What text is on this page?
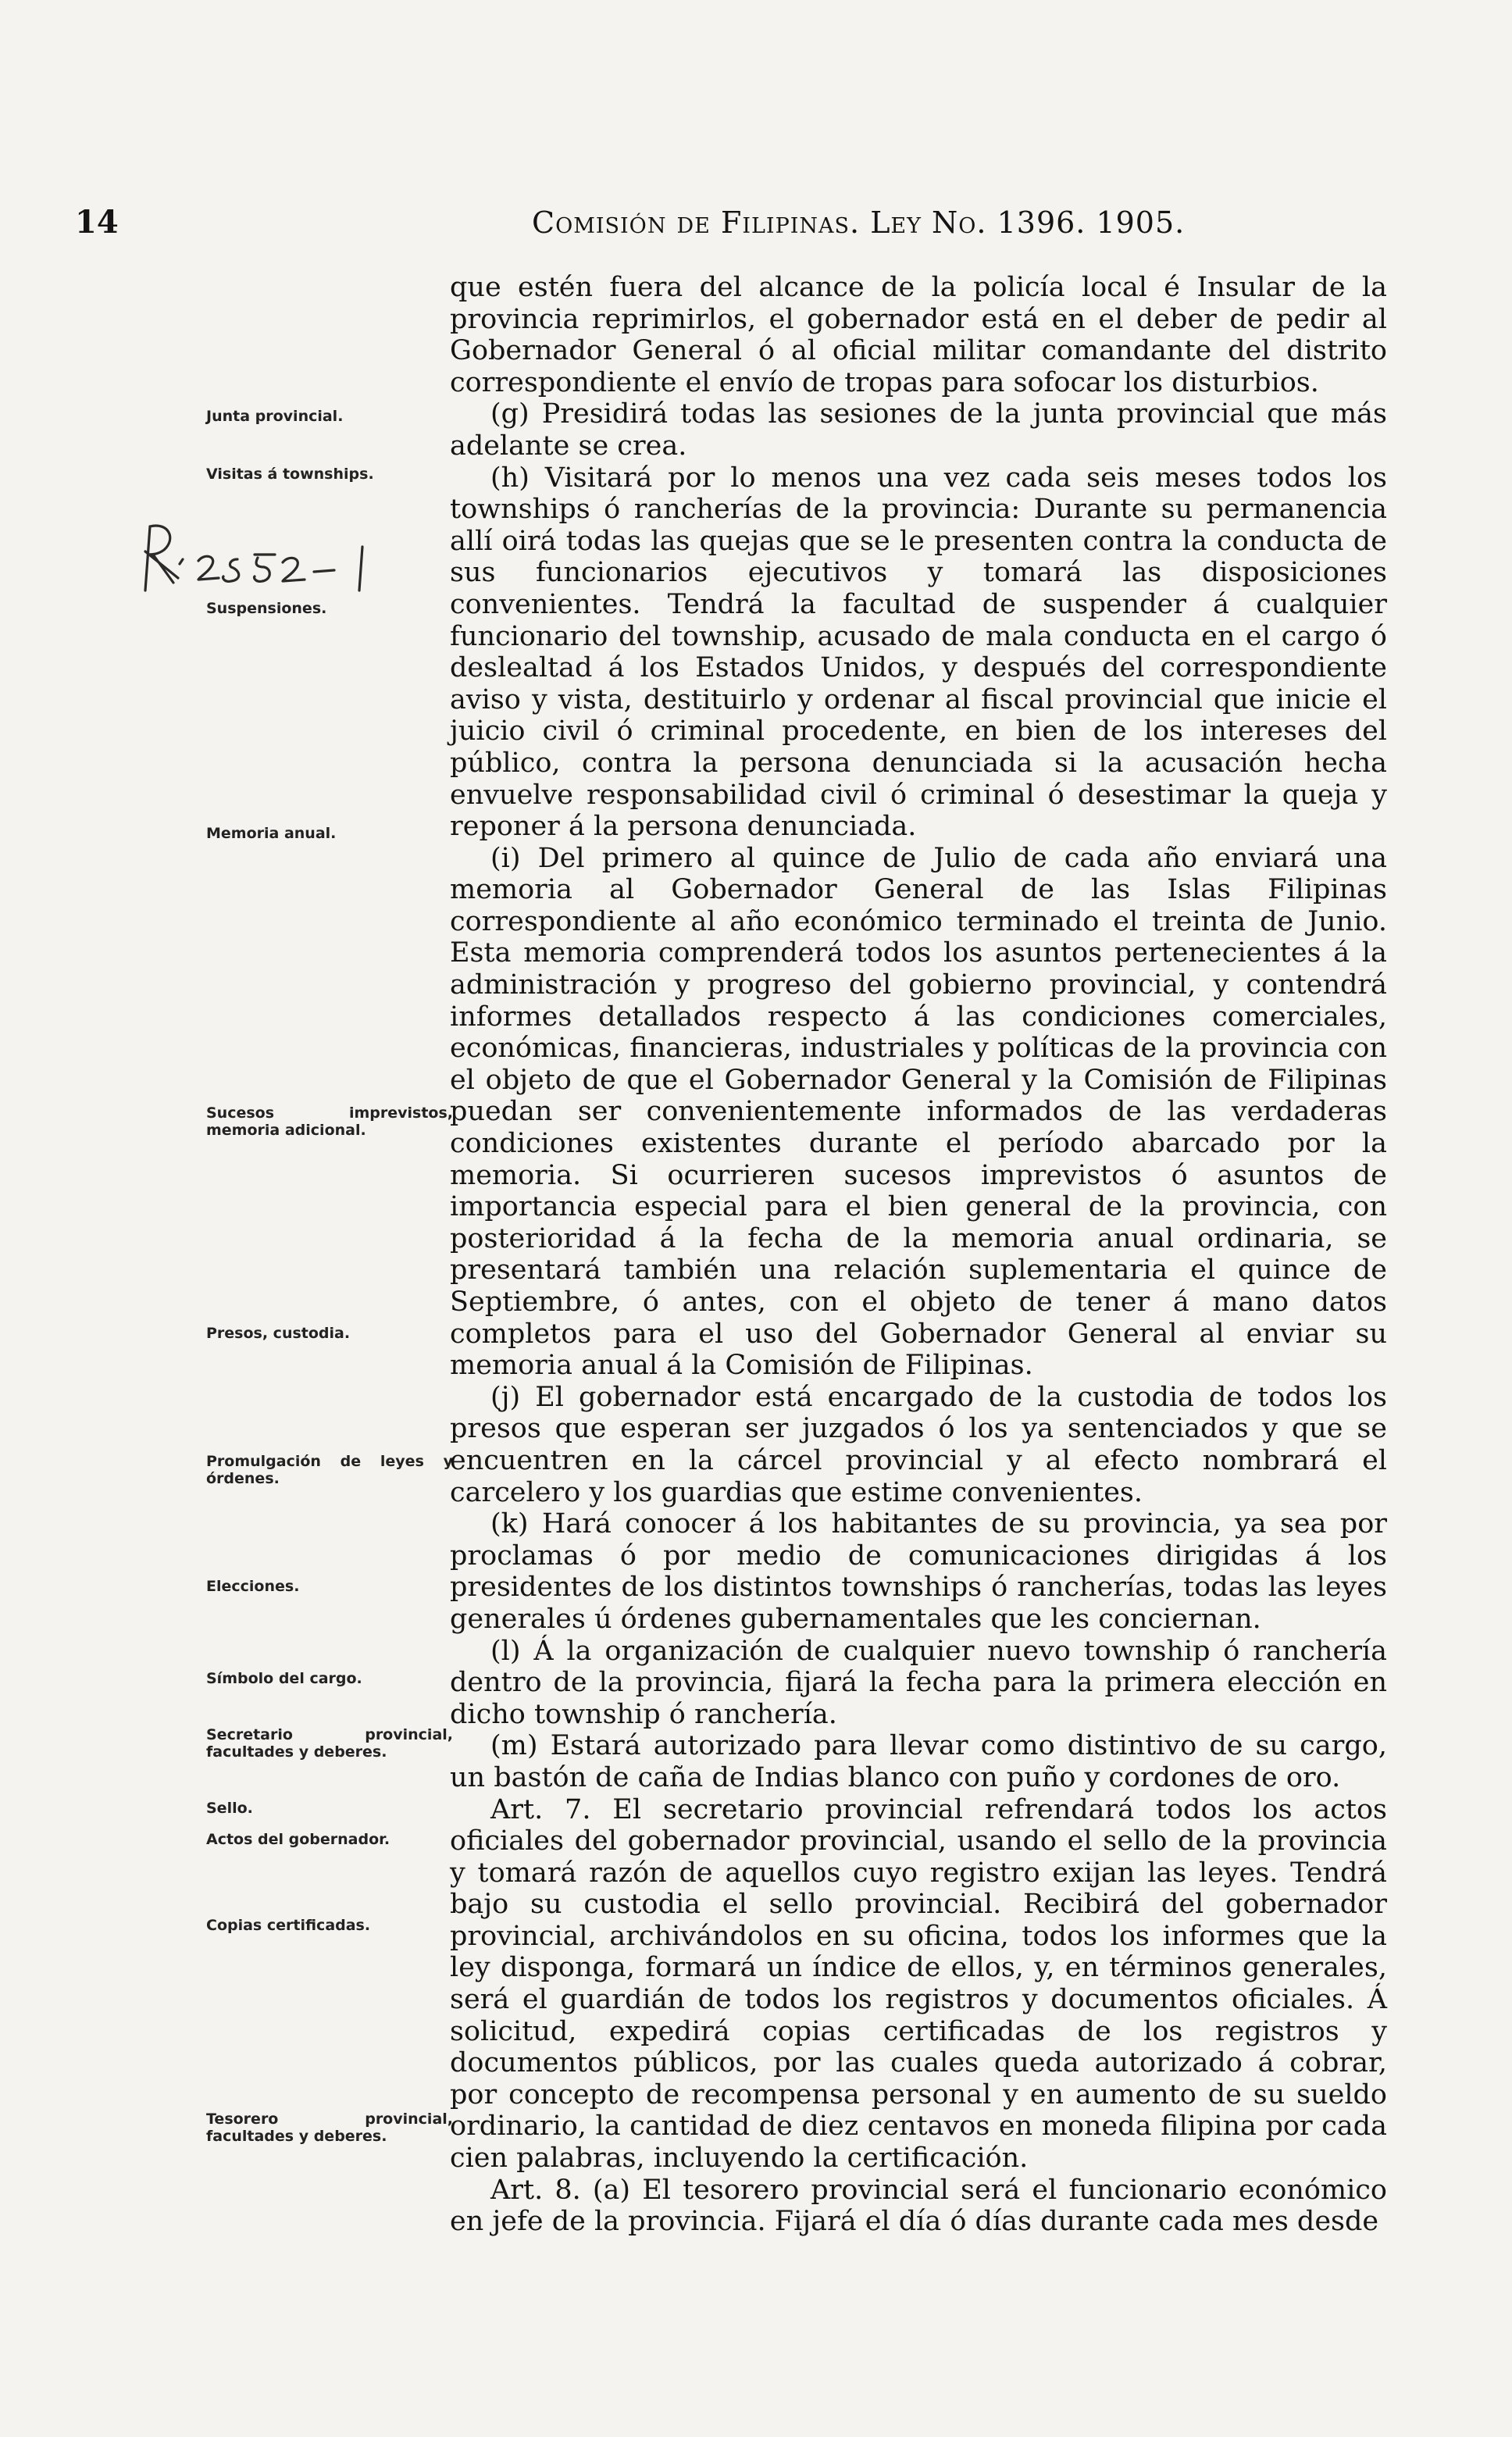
14	Comisión de Filipinas. Ley No. 1396. 1905.
Junta provincial.
Visitas á townships.
Suspensiones.
Memoria anual.
Sucesos imprevistos, memoria adicional.
Presos, custodia.
Promulgación de leyes y órdenes.
Elecciones.
Símbolo del cargo.
Secretario provincial, facultades y deberes.
Sello.
Actos del gobernador.
Copias certificadas.
Tesorero provincial, facultades y deberes.

que estén fuera del alcance de la policía local é Insular de la provincia reprimirlos, el gobernador está en el deber de pedir al Gobernador General ó al oficial militar comandante del distrito correspondiente el envío de tropas para sofocar los disturbios.

(g) Presidirá todas las sesiones de la junta provincial que más adelante se crea.

(h) Visitará por lo menos una vez cada seis meses todos los townships ó rancherías de la provincia: Durante su permanencia allí oirá todas las quejas que se le presenten contra la conducta de sus funcionarios ejecutivos y tomará las disposiciones convenientes. Tendrá la facultad de suspender á cualquier funcionario del township, acusado de mala conducta en el cargo ó deslealtad á los Estados Unidos, y después del correspondiente aviso y vista, destituirlo y ordenar al fiscal provincial que inicie el juicio civil ó criminal procedente, en bien de los intereses del público, contra la persona denunciada si la acusación hecha envuelve responsabilidad civil ó criminal ó desestimar la queja y reponer á la persona denunciada.

(i) Del primero al quince de Julio de cada año enviará una memoria al Gobernador General de las Islas Filipinas correspondiente al año económico terminado el treinta de Junio. Esta memoria comprenderá todos los asuntos pertenecientes á la administración y progreso del gobierno provincial, y contendrá informes detallados respecto á las condiciones comerciales, económicas, financieras, industriales y políticas de la provincia con el objeto de que el Gobernador General y la Comisión de Filipinas puedan ser convenientemente informados de las verdaderas condiciones existentes durante el período abarcado por la memoria. Si ocurrieren sucesos imprevistos ó asuntos de importancia especial para el bien general de la provincia, con posterioridad á la fecha de la memoria anual ordinaria, se presentará también una relación suplementaria el quince de Septiembre, ó antes, con el objeto de tener á mano datos completos para el uso del Gobernador General al enviar su memoria anual á la Comisión de Filipinas.

(j) El gobernador está encargado de la custodia de todos los presos que esperan ser juzgados ó los ya sentenciados y que se encuentren en la cárcel provincial y al efecto nombrará el carcelero y los guardias que estime convenientes.

(k) Hará conocer á los habitantes de su provincia, ya sea por proclamas ó por medio de comunicaciones dirigidas á los presidentes de los distintos townships ó rancherías, todas las leyes generales ú órdenes gubernamentales que les conciernan.

(l) Á la organización de cualquier nuevo township ó ranchería dentro de la provincia, fijará la fecha para la primera elección en dicho township ó ranchería.

(m) Estará autorizado para llevar como distintivo de su cargo, un bastón de caña de Indias blanco con puño y cordones de oro.

Art. 7. El secretario provincial refrendará todos los actos oficiales del gobernador provincial, usando el sello de la provincia y tomará razón de aquellos cuyo registro exijan las leyes. Tendrá bajo su custodia el sello provincial. Recibirá del gobernador provincial, archivándolos en su oficina, todos los informes que la ley disponga, formará un índice de ellos, y, en términos generales, será el guardián de todos los registros y documentos oficiales. Á solicitud, expedirá copias certificadas de los registros y documentos públicos, por las cuales queda autorizado á cobrar, por concepto de recompensa personal y en aumento de su sueldo ordinario, la cantidad de diez centavos en moneda filipina por cada cien palabras, incluyendo la certificación.

Art. 8. (a) El tesorero provincial será el funcionario económico en jefe de la provincia. Fijará el día ó días durante cada mes desde
